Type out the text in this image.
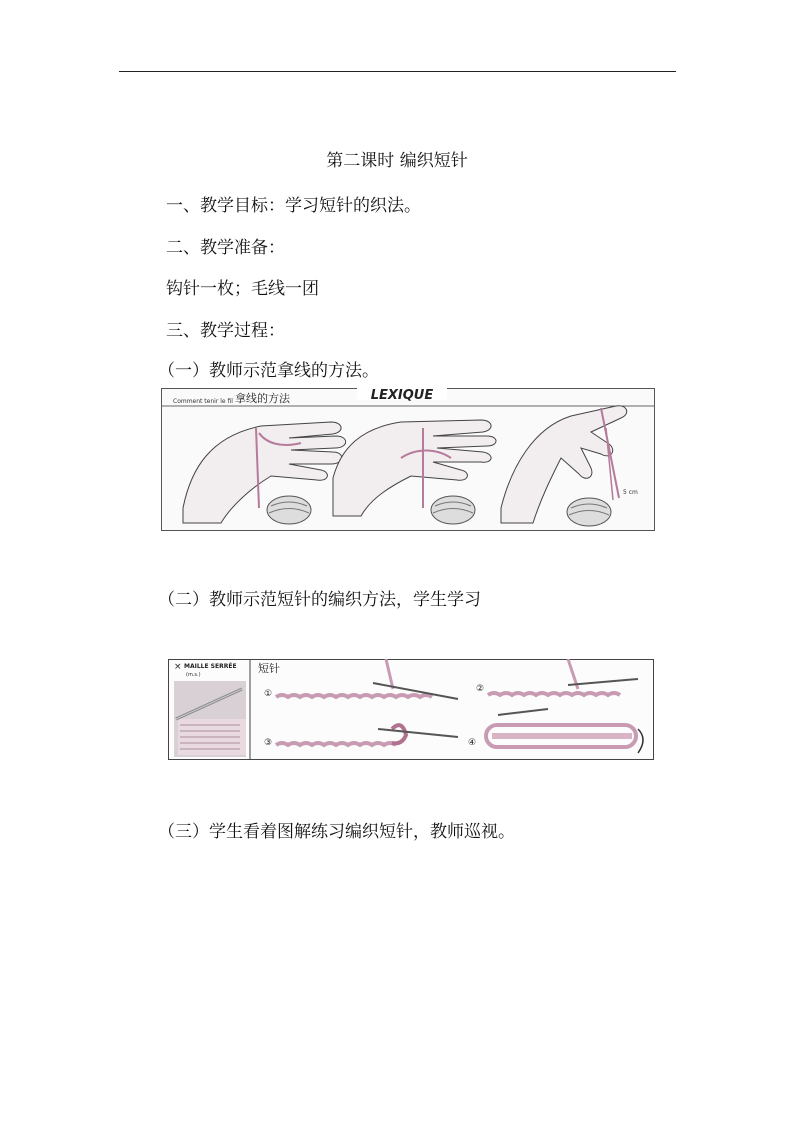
第二课时 编织短针
一、教学目标：学习短针的织法。
二、教学准备：
钩针一枚；毛线一团
三、教学过程：
（一）教师示范拿线的方法。
Comment tenir le fil 拿线的方法	LEXIQUE
5 cm
（二）教师示范短针的编织方法，学生学习
× MAILLE SERRÉE
(m.s.)	短针
①	②
③	④
（三）学生看着图解练习编织短针，教师巡视。
